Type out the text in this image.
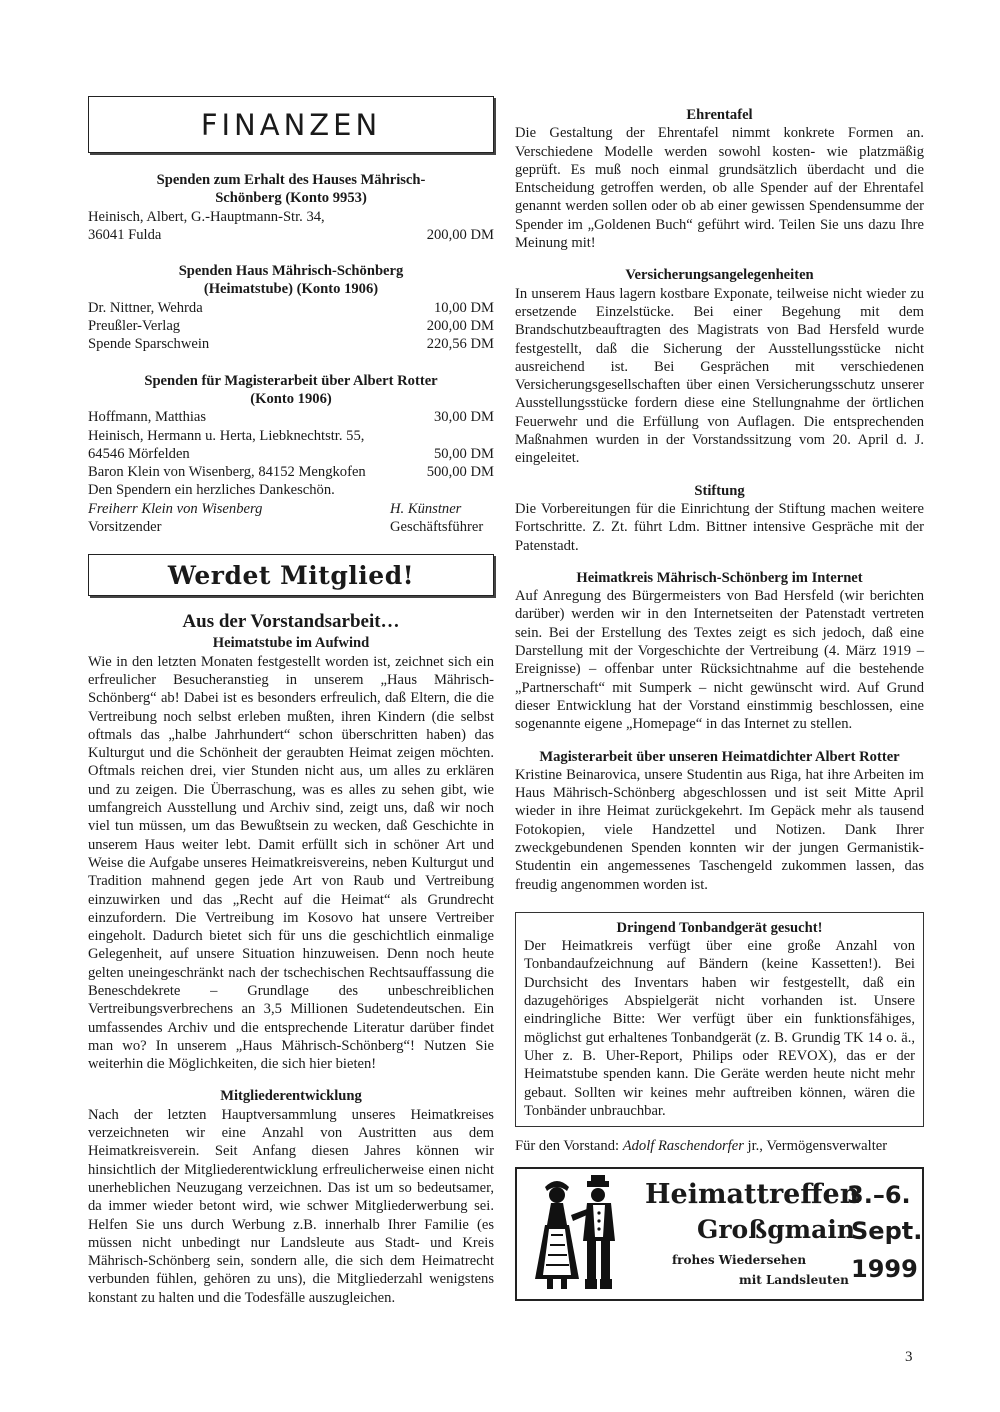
FINANZEN

Spenden zum Erhalt des Hauses Mährisch-Schönberg (Konto 9953)

Heinisch, Albert, G.-Hauptmann-Str. 34,	
36041 Fulda	200,00 DM

Spenden Haus Mährisch-Schönberg (Heimatstube) (Konto 1906)

Dr. Nittner, Wehrda	10,00 DM
Preußler-Verlag	200,00 DM
Spende Sparschwein	220,56 DM

Spenden für Magisterarbeit über Albert Rotter (Konto 1906)

Hoffmann, Matthias	30,00 DM
Heinisch, Hermann u. Herta, Liebknechtstr. 55,	
64546 Mörfelden	50,00 DM
Baron Klein von Wisenberg, 84152 Mengkofen	500,00 DM

Den Spendern ein herzliches Dankeschön.

Freiherr Klein von Wisenberg	H. Künstner
Vorsitzender	Geschäftsführer
Werdet Mitglied!

Aus der Vorstandsarbeit…

Heimatstube im Aufwind

Wie in den letzten Monaten festgestellt worden ist, zeichnet sich ein erfreulicher Besucheranstieg in unserem „Haus Mährisch-Schönberg“ ab! Dabei ist es besonders erfreulich, daß Eltern, die die Vertreibung noch selbst erleben mußten, ihren Kindern (die selbst oftmals das „halbe Jahrhundert“ schon überschritten haben) das Kulturgut und die Schönheit der geraubten Heimat zeigen möchten. Oftmals reichen drei, vier Stunden nicht aus, um alles zu erklären und zu zeigen. Die Überraschung, was es alles zu sehen gibt, wie umfangreich Ausstellung und Archiv sind, zeigt uns, daß wir noch viel tun müssen, um das Bewußtsein zu wecken, daß Geschichte in unserem Haus weiter lebt. Damit erfüllt sich in schöner Art und Weise die Aufgabe unseres Heimatkreisvereins, neben Kulturgut und Tradition mahnend gegen jede Art von Raub und Vertreibung einzuwirken und das „Recht auf die Heimat“ als Grundrecht einzufordern. Die Vertreibung im Kosovo hat unsere Vertreiber eingeholt. Dadurch bietet sich für uns die geschichtlich einmalige Gelegenheit, auf unsere Situation hinzuweisen. Denn noch heute gelten uneingeschränkt nach der tschechischen Rechtsauffassung die Beneschdekrete – Grundlage des unbeschreiblichen Vertreibungsverbrechens an 3,5 Millionen Sudetendeutschen. Ein umfassendes Archiv und die entsprechende Literatur darüber findet man wo? In unserem „Haus Mährisch-Schönberg“! Nutzen Sie weiterhin die Möglichkeiten, die sich hier bieten!

Mitgliederentwicklung

Nach der letzten Hauptversammlung unseres Heimatkreises verzeichneten wir eine Anzahl von Austritten aus dem Heimatkreisverein. Seit Anfang diesen Jahres können wir hinsichtlich der Mitgliederentwicklung erfreulicherweise einen nicht unerheblichen Neuzugang verzeichnen. Das ist um so bedeutsamer, da immer wieder betont wird, wie schwer Mitgliederwerbung sei. Helfen Sie uns durch Werbung z.B. innerhalb Ihrer Familie (es müssen nicht unbedingt nur Landsleute aus Stadt- und Kreis Mährisch-Schönberg sein, sondern alle, die sich dem Heimatrecht verbunden fühlen, gehören zu uns), die Mitgliederzahl wenigstens konstant zu halten und die Todesfälle auszugleichen.

Ehrentafel

Die Gestaltung der Ehrentafel nimmt konkrete Formen an. Verschiedene Modelle werden sowohl kosten- wie platzmäßig geprüft. Es muß noch einmal grundsätzlich überdacht und die Entscheidung getroffen werden, ob alle Spender auf der Ehrentafel genannt werden sollen oder ob ab einer gewissen Spendensumme der Spender im „Goldenen Buch“ geführt wird. Teilen Sie uns dazu Ihre Meinung mit!

Versicherungsangelegenheiten

In unserem Haus lagern kostbare Exponate, teilweise nicht wieder zu ersetzende Einzelstücke. Bei einer Begehung mit dem Brandschutzbeauftragten des Magistrats von Bad Hersfeld wurde festgestellt, daß die Sicherung der Ausstellungsstücke nicht ausreichend ist. Bei Gesprächen mit verschiedenen Versicherungsgesellschaften über einen Versicherungsschutz unserer Ausstellungsstücke fordern diese eine Stellungnahme der örtlichen Feuerwehr und die Erfüllung von Auflagen. Die entsprechenden Maßnahmen wurden in der Vorstandssitzung vom 20. April d. J. eingeleitet.

Stiftung

Die Vorbereitungen für die Einrichtung der Stiftung machen weitere Fortschritte. Z. Zt. führt Ldm. Bittner intensive Gespräche mit der Patenstadt.

Heimatkreis Mährisch-Schönberg im Internet

Auf Anregung des Bürgermeisters von Bad Hersfeld (wir berichten darüber) werden wir in den Internetseiten der Patenstadt vertreten sein. Bei der Erstellung des Textes zeigt es sich jedoch, daß eine Darstellung mit der Vorgeschichte der Vertreibung (4. März 1919 – Ereignisse) – offenbar unter Rücksichtnahme auf die bestehende „Partnerschaft“ mit Sumperk – nicht gewünscht wird. Auf Grund dieser Entwicklung hat der Vorstand einstimmig beschlossen, eine sogenannte eigene „Homepage“ in das Internet zu stellen.

Magisterarbeit über unseren Heimatdichter Albert Rotter

Kristine Beinarovica, unsere Studentin aus Riga, hat ihre Arbeiten im Haus Mährisch-Schönberg abgeschlossen und ist seit Mitte April wieder in ihre Heimat zurückgekehrt. Im Gepäck mehr als tausend Fotokopien, viele Handzettel und Notizen. Dank Ihrer zweckgebundenen Spenden konnten wir der jungen Germanistik-Studentin ein angemessenes Taschengeld zukommen lassen, das freudig angenommen worden ist.

Dringend Tonbandgerät gesucht!

Der Heimatkreis verfügt über eine große Anzahl von Tonbandaufzeichnung auf Bändern (keine Kassetten!). Bei Durchsicht des Inventars haben wir festgestellt, daß ein dazugehöriges Abspielgerät nicht vorhanden ist. Unsere eindringliche Bitte: Wer verfügt über ein funktionsfähiges, möglichst gut erhaltenes Tonbandgerät (z. B. Grundig TK 14 o. ä., Uher z. B. Uher-Report, Philips oder REVOX), das er der Heimatstube spenden kann. Die Geräte werden heute nicht mehr gebaut. Sollten wir keines mehr auftreiben können, wären die Tonbänder unbrauchbar.

Für den Vorstand: Adolf Raschendorfer jr., Vermögensverwalter

Heimattreffen
Großgmain
frohes Wiedersehen
mit Landsleuten
3.–6.
Sept.
1999
3
